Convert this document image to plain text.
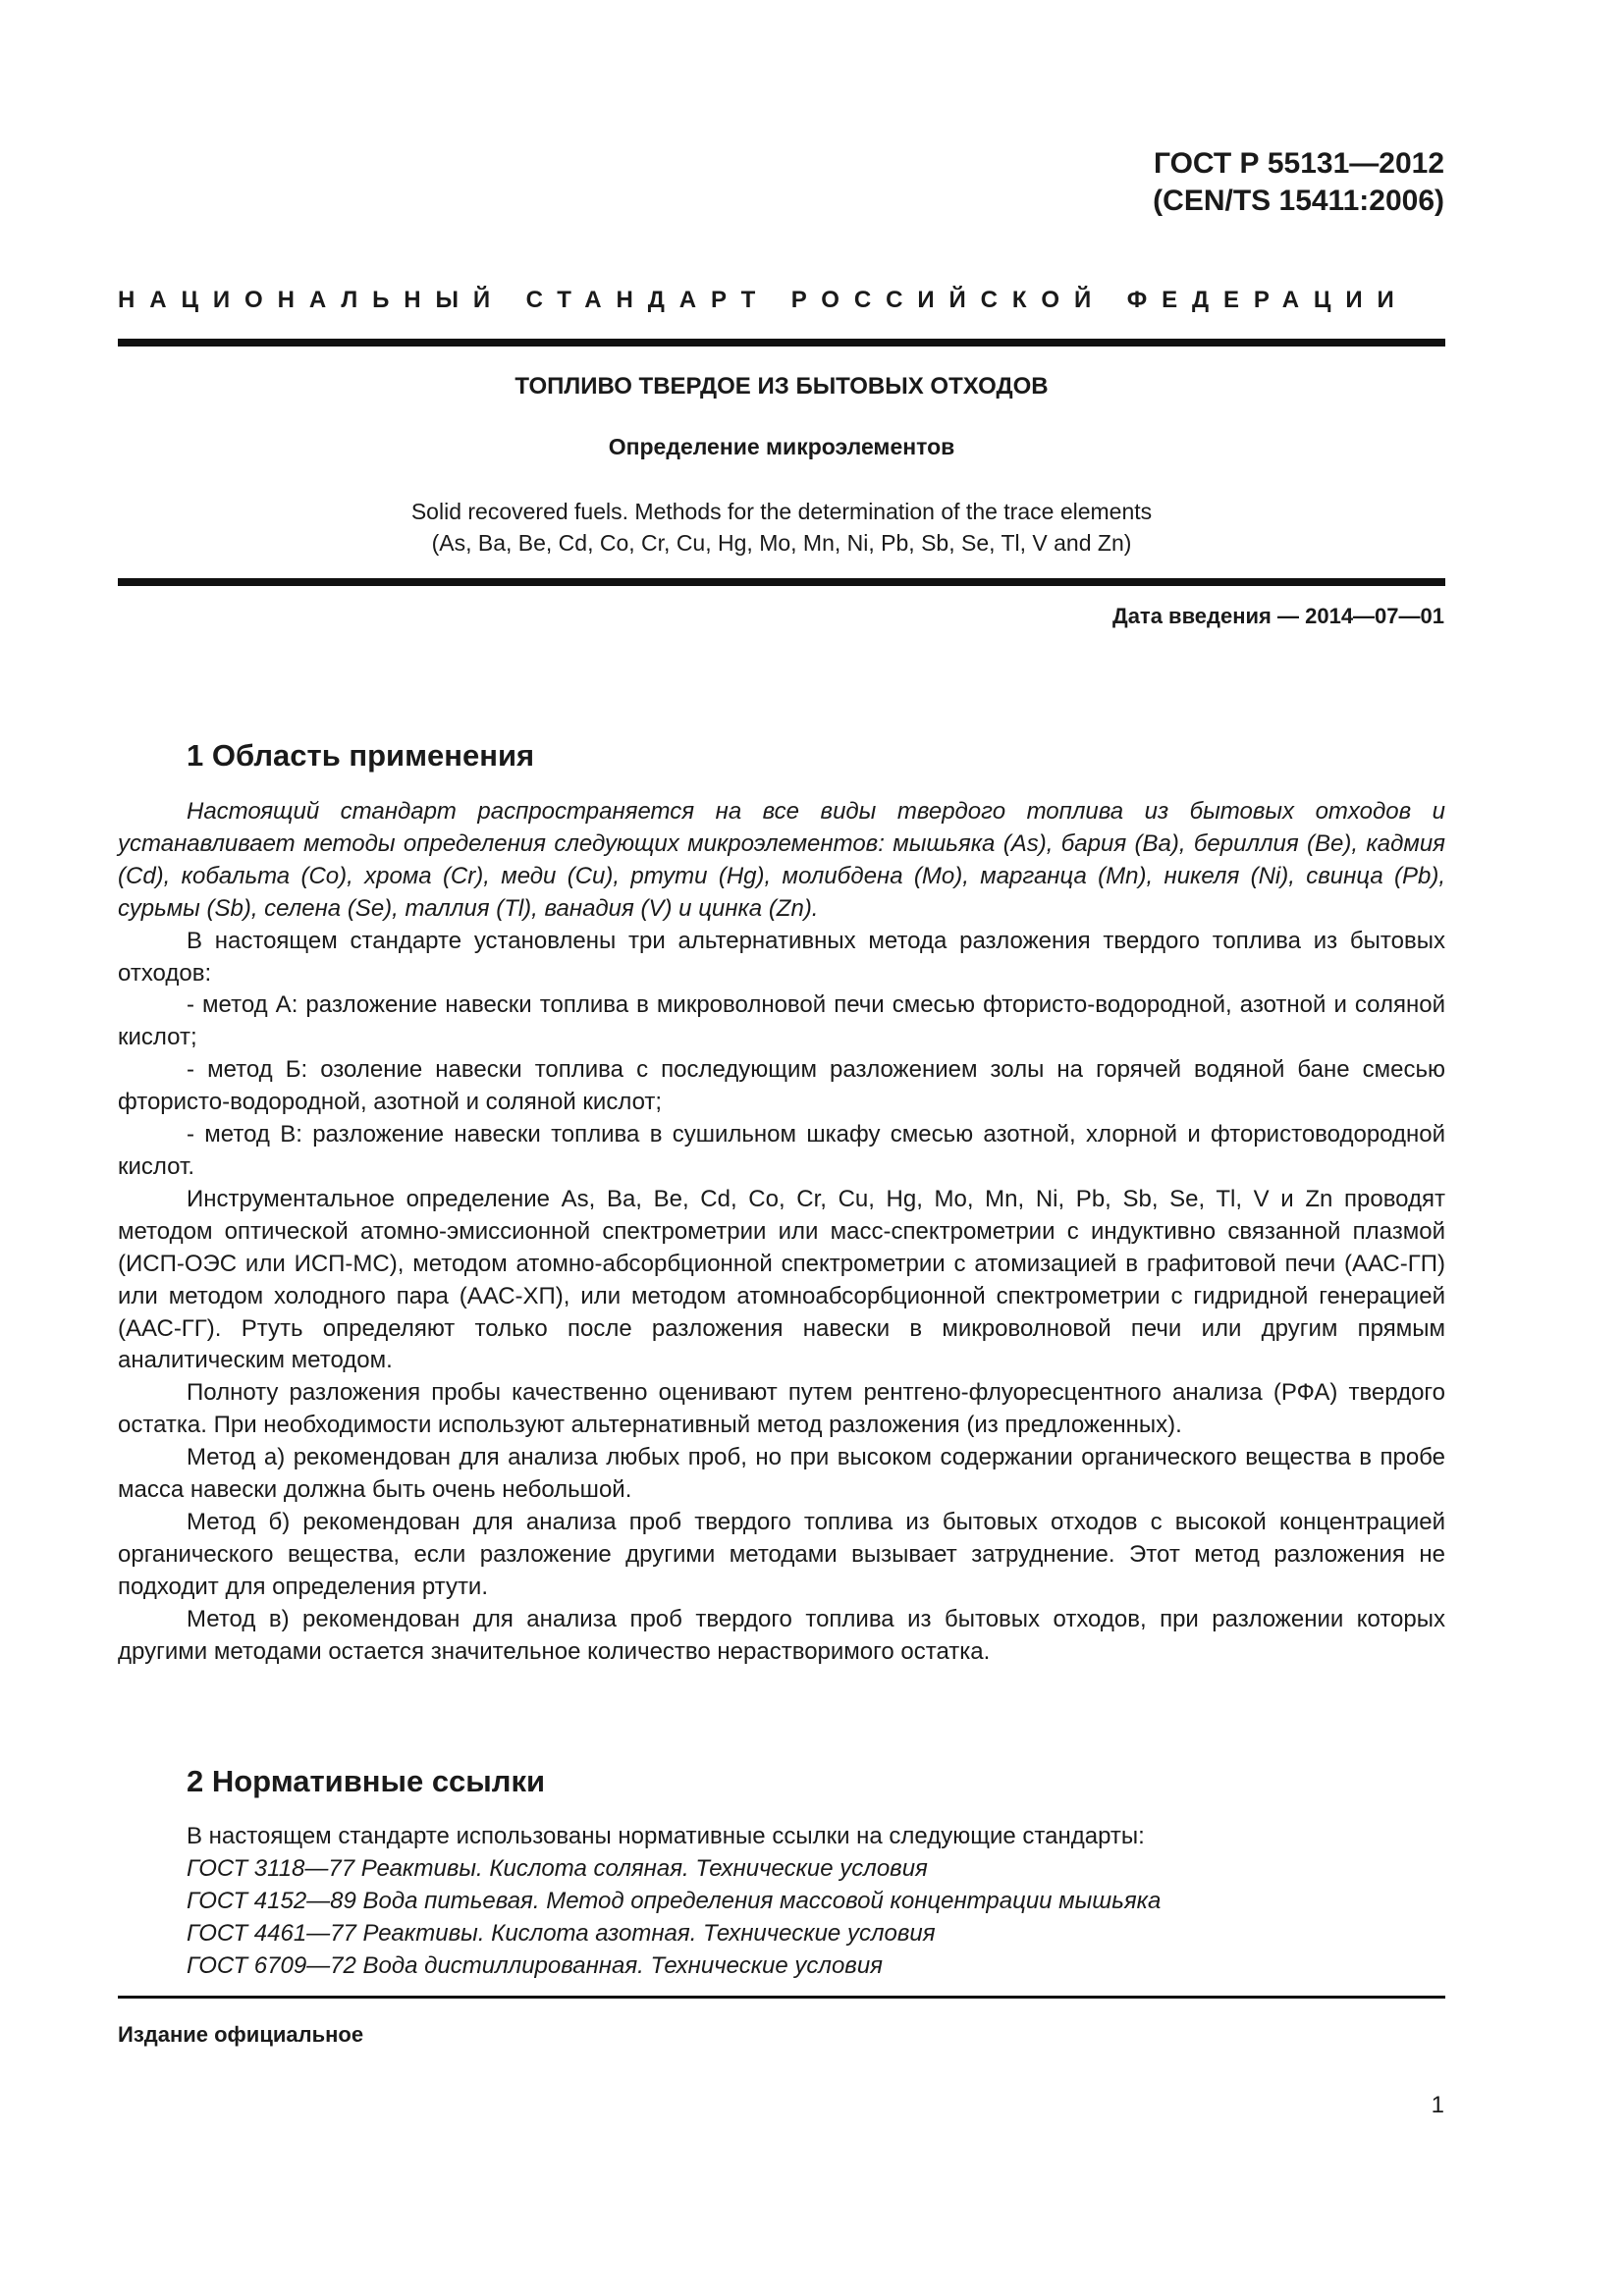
ГОСТ Р 55131—2012
(CEN/TS 15411:2006)
НАЦИОНАЛЬНЫЙ СТАНДАРТ РОССИЙСКОЙ ФЕДЕРАЦИИ
ТОПЛИВО ТВЕРДОЕ ИЗ БЫТОВЫХ ОТХОДОВ
Определение микроэлементов
Solid recovered fuels. Methods for the determination of the trace elements
(As, Ba, Be, Cd, Co, Cr, Cu, Hg, Mo, Mn, Ni, Pb, Sb, Se, Tl, V and Zn)
Дата введения — 2014—07—01
1 Область применения

Настоящий стандарт распространяется на все виды твердого топлива из бытовых отходов и устанавливает методы определения следующих микроэлементов: мышьяка (As), бария (Ba), бериллия (Be), кадмия (Cd), кобальта (Co), хрома (Cr), меди (Cu), ртути (Hg), молибдена (Mo), марганца (Mn), никеля (Ni), свинца (Pb), сурьмы (Sb), селена (Se), таллия (Tl), ванадия (V) и цинка (Zn).

В настоящем стандарте установлены три альтернативных метода разложения твердого топлива из бытовых отходов:

- метод А: разложение навески топлива в микроволновой печи смесью фтористо-водородной, азотной и соляной кислот;

- метод Б: озоление навески топлива с последующим разложением золы на горячей водяной бане смесью фтористо-водородной, азотной и соляной кислот;

- метод В: разложение навески топлива в сушильном шкафу смесью азотной, хлорной и фтористоводородной кислот.

Инструментальное определение As, Ba, Be, Cd, Co, Cr, Cu, Hg, Mo, Mn, Ni, Pb, Sb, Se, Tl, V и Zn проводят методом оптической атомно-эмиссионной спектрометрии или масс-спектрометрии с индуктивно связанной плазмой (ИСП-ОЭС или ИСП-МС), методом атомно-абсорбционной спектрометрии с атомизацией в графитовой печи (ААС-ГП) или методом холодного пара (ААС-ХП), или методом атомноабсорбционной спектрометрии с гидридной генерацией (ААС-ГГ). Ртуть определяют только после разложения навески в микроволновой печи или другим прямым аналитическим методом.

Полноту разложения пробы качественно оценивают путем рентгено-флуоресцентного анализа (РФА) твердого остатка. При необходимости используют альтернативный метод разложения (из предложенных).

Метод а) рекомендован для анализа любых проб, но при высоком содержании органического вещества в пробе масса навески должна быть очень небольшой.

Метод б) рекомендован для анализа проб твердого топлива из бытовых отходов с высокой концентрацией органического вещества, если разложение другими методами вызывает затруднение. Этот метод разложения не подходит для определения ртути.

Метод в) рекомендован для анализа проб твердого топлива из бытовых отходов, при разложении которых другими методами остается значительное количество нерастворимого остатка.

2 Нормативные ссылки
В настоящем стандарте использованы нормативные ссылки на следующие стандарты:
ГОСТ 3118—77 Реактивы. Кислота соляная. Технические условия
ГОСТ 4152—89 Вода питьевая. Метод определения массовой концентрации мышьяка
ГОСТ 4461—77 Реактивы. Кислота азотная. Технические условия
ГОСТ 6709—72 Вода дистиллированная. Технические условия
Издание официальное
1
